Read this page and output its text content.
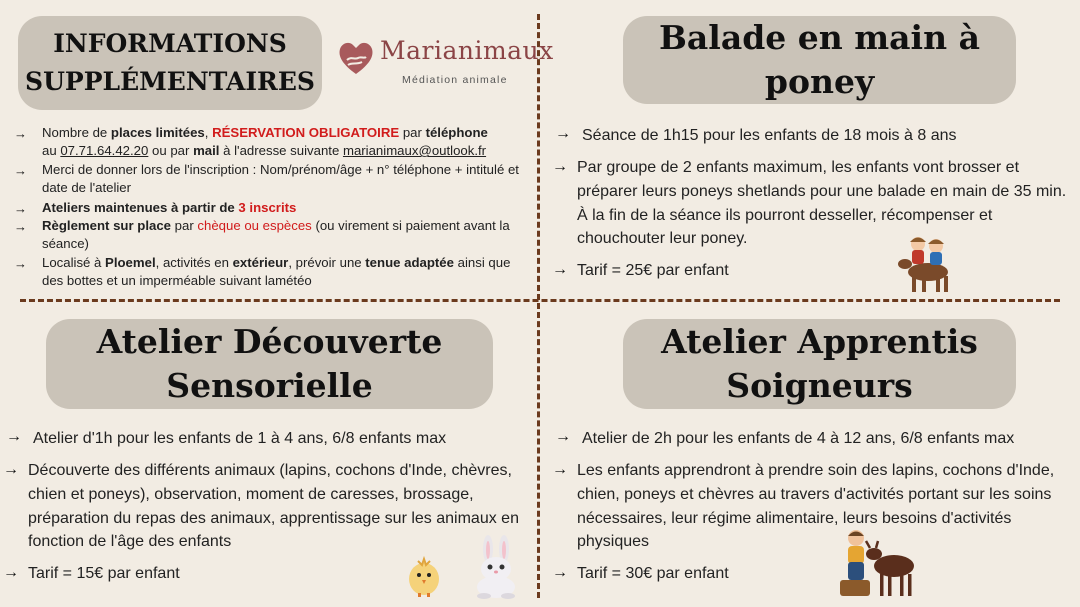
INFORMATIONS
SUPPLÉMENTAIRES
Marianimaux
Médiation animale
→ Nombre de places limitées, RÉSERVATION OBLIGATOIRE par téléphone
au 07.71.64.42.20 ou par mail à l'adresse suivante marianimaux@outlook.fr
→ Merci de donner lors de l'inscription : Nom/prénom/âge + n° téléphone + intitulé et date de l'atelier
→ Ateliers maintenues à partir de 3 inscrits
→ Règlement sur place par chèque ou espèces (ou virement si paiement avant la séance)
→ Localisé à Ploemel, activités en extérieur, prévoir une tenue adaptée ainsi que des bottes et un imperméable suivant lamétéo
Balade en main à
poney
→ Séance de 1h15 pour les enfants de 18 mois à 8 ans
→ Par groupe de 2 enfants maximum, les enfants vont brosser et préparer leurs poneys shetlands pour une balade en main de 35 min. À la fin de la séance ils pourront desseller, récompenser et chouchouter leur poney.
→ Tarif = 25€ par enfant
Atelier Découverte
Sensorielle
→ Atelier d'1h pour les enfants de 1 à 4 ans, 6/8 enfants max
→ Découverte des différents animaux (lapins, cochons d'Inde, chèvres, chien et poneys), observation, moment de caresses, brossage, préparation du repas des animaux, apprentissage sur les animaux en fonction de l'âge des enfants
→ Tarif = 15€ par enfant
Atelier Apprentis
Soigneurs
→ Atelier de 2h pour les enfants de 4 à 12 ans, 6/8 enfants max
→ Les enfants apprendront à prendre soin des lapins, cochons d'Inde, chien, poneys et chèvres au travers d'activités portant sur les soins nécessaires, leur régime alimentaire, leurs besoins d'activités physiques
→ Tarif = 30€ par enfant
